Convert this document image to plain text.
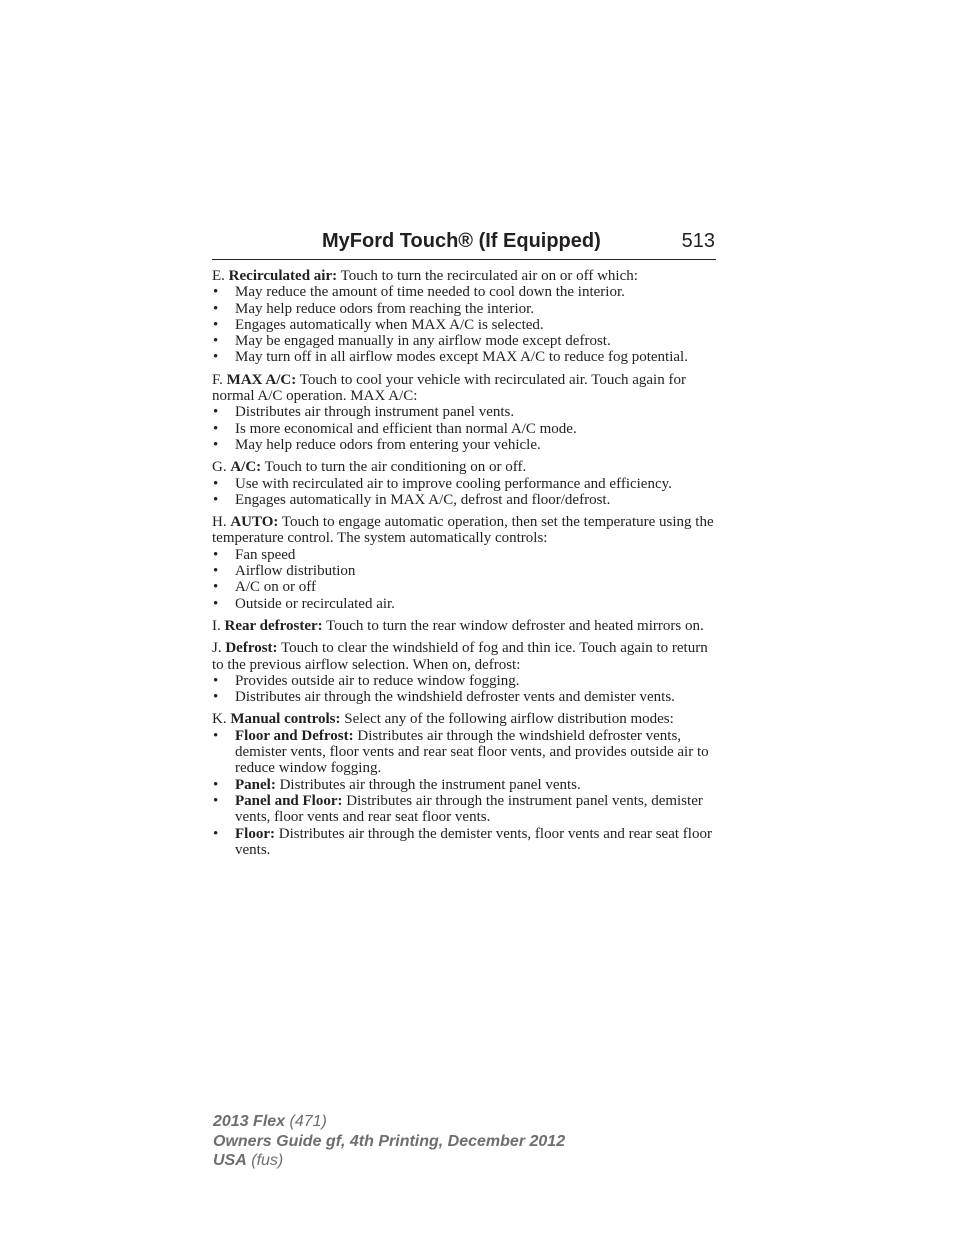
MyFord Touch® (If Equipped)	513

E. Recirculated air: Touch to turn the recirculated air on or off which:

• May reduce the amount of time needed to cool down the interior.
• May help reduce odors from reaching the interior.
• Engages automatically when MAX A/C is selected.
• May be engaged manually in any airflow mode except defrost.
• May turn off in all airflow modes except MAX A/C to reduce fog potential.

F. MAX A/C: Touch to cool your vehicle with recirculated air. Touch again for normal A/C operation. MAX A/C:

• Distributes air through instrument panel vents.
• Is more economical and efficient than normal A/C mode.
• May help reduce odors from entering your vehicle.

G. A/C: Touch to turn the air conditioning on or off.

• Use with recirculated air to improve cooling performance and efficiency.
• Engages automatically in MAX A/C, defrost and floor/defrost.

H. AUTO: Touch to engage automatic operation, then set the temperature using the temperature control. The system automatically controls:

• Fan speed
• Airflow distribution
• A/C on or off
• Outside or recirculated air.

I. Rear defroster: Touch to turn the rear window defroster and heated mirrors on.

J. Defrost: Touch to clear the windshield of fog and thin ice. Touch again to return to the previous airflow selection. When on, defrost:

• Provides outside air to reduce window fogging.
• Distributes air through the windshield defroster vents and demister vents.

K. Manual controls: Select any of the following airflow distribution modes:

• Floor and Defrost: Distributes air through the windshield defroster vents, demister vents, floor vents and rear seat floor vents, and provides outside air to reduce window fogging.
• Panel: Distributes air through the instrument panel vents.
• Panel and Floor: Distributes air through the instrument panel vents, demister vents, floor vents and rear seat floor vents.
• Floor: Distributes air through the demister vents, floor vents and rear seat floor vents.
2013 Flex (471)
Owners Guide gf, 4th Printing, December 2012
USA (fus)
